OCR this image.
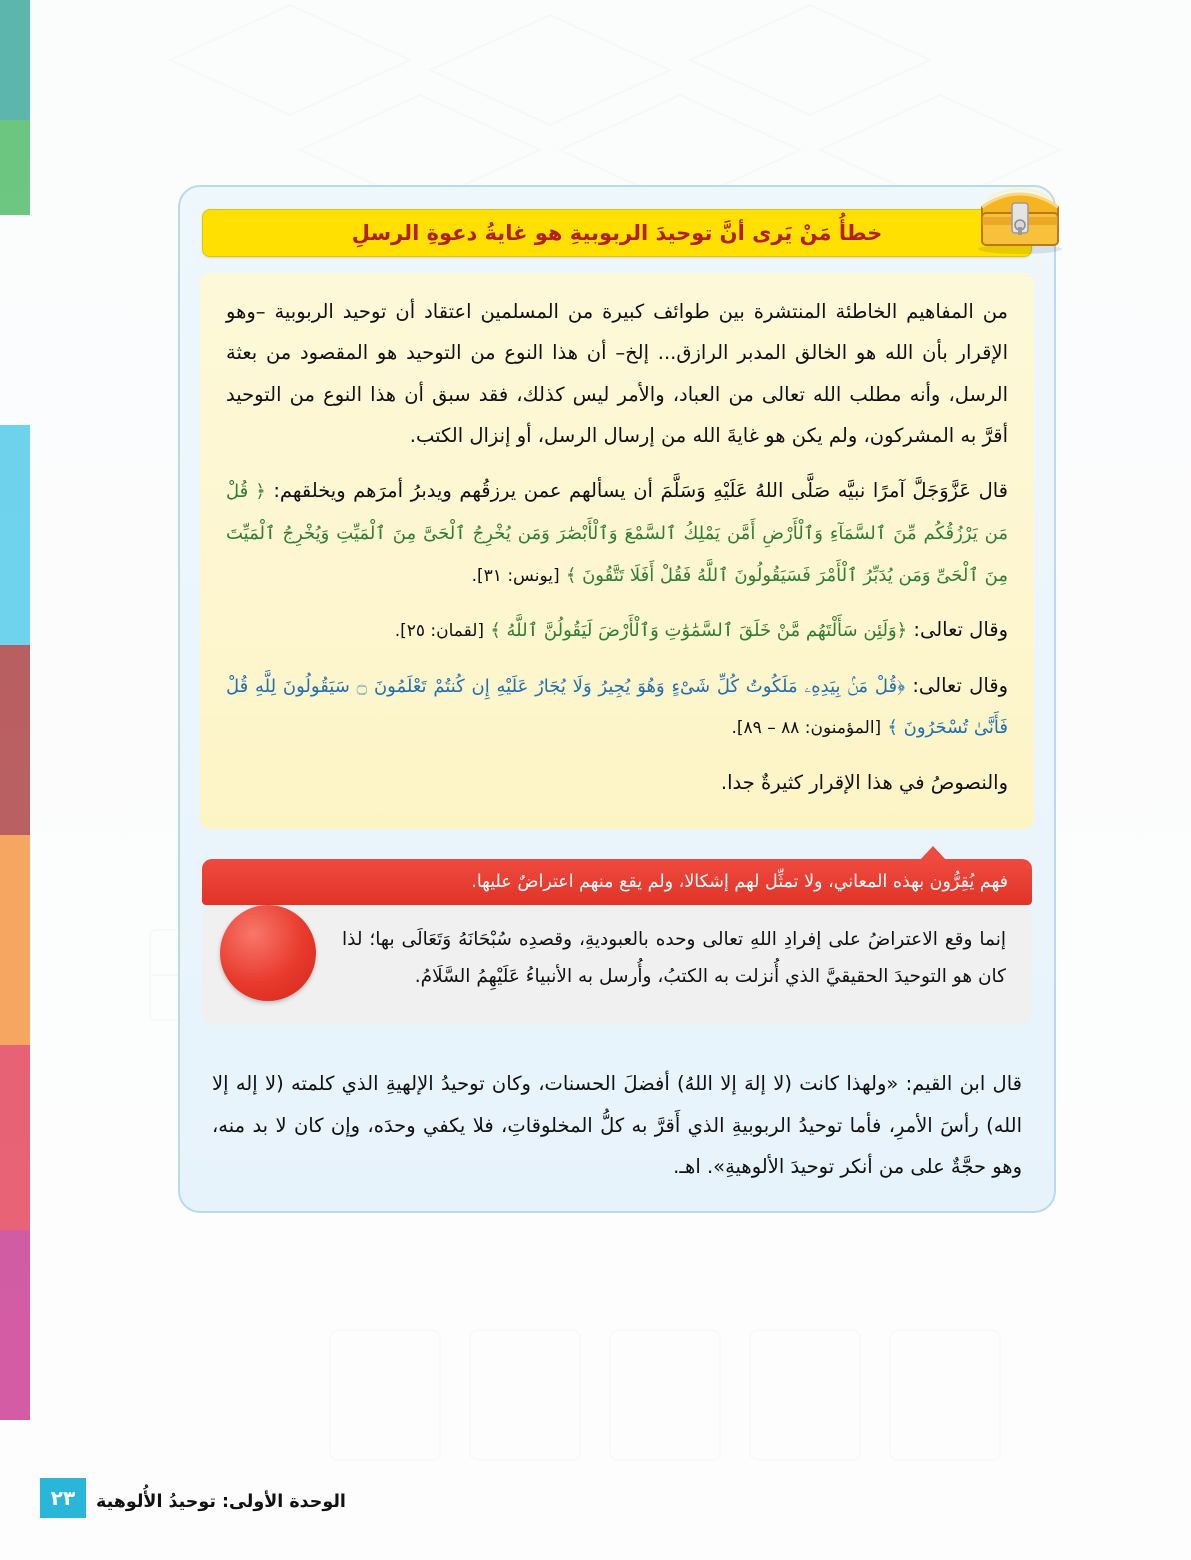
خطأُ مَنْ يَرى أنَّ توحيدَ الربوبيةِ هو غايةُ دعوةِ الرسلِ

من المفاهيم الخاطئة المنتشرة بين طوائف كبيرة من المسلمين اعتقاد أن توحيد الربوبية –وهو الإقرار بأن الله هو الخالق المدبر الرازق... إلخ– أن هذا النوع من التوحيد هو المقصود من بعثة الرسل، وأنه مطلب الله تعالى من العباد، والأمر ليس كذلك، فقد سبق أن هذا النوع من التوحيد أقرَّ به المشركون، ولم يكن هو غايةَ الله من إرسال الرسل، أو إنزال الكتب.

قال عَزَّوَجَلَّ آمرًا نبيَّه صَلَّى اللهُ عَلَيْهِ وَسَلَّمَ أن يسألهم عمن يرزقُهم ويدبرُ أمرَهم ويخلقهم: ﴿ قُلْ مَن يَرْزُقُكُم مِّنَ ٱلسَّمَآءِ وَٱلْأَرْضِ أَمَّن يَمْلِكُ ٱلسَّمْعَ وَٱلْأَبْصَٰرَ وَمَن يُخْرِجُ ٱلْحَىَّ مِنَ ٱلْمَيِّتِ وَيُخْرِجُ ٱلْمَيِّتَ مِنَ ٱلْحَىِّ وَمَن يُدَبِّرُ ٱلْأَمْرَ فَسَيَقُولُونَ ٱللَّهُ فَقُلْ أَفَلَا تَتَّقُونَ ﴾ [يونس: ٣١].

وقال تعالى: ﴿وَلَئِن سَأَلْتَهُم مَّنْ خَلَقَ ٱلسَّمَٰوَٰتِ وَٱلْأَرْضَ لَيَقُولُنَّ ٱللَّهُ ﴾ [لقمان: ٢٥].

وقال تعالى: ﴿قُلْ مَنۢ بِيَدِهِۦ مَلَكُوتُ كُلِّ شَىْءٍ وَهُوَ يُجِيرُ وَلَا يُجَارُ عَلَيْهِ إِن كُنتُمْ تَعْلَمُونَ ۝ سَيَقُولُونَ لِلَّهِ قُلْ فَأَنَّىٰ تُسْحَرُونَ ﴾ [المؤمنون: ٨٨ – ٨٩].

والنصوصُ في هذا الإقرار كثيرةٌ جدا.

فهم يُقِرُّون بهذه المعاني، ولا تمثِّل لهم إشكالا، ولم يقع منهم اعتراضٌ عليها.

إنما وقع الاعتراضُ على إفرادِ اللهِ تعالى وحده بالعبوديةِ، وقصدِه سُبْحَانَهُ وَتَعَالَى بها؛ لذا كان هو التوحيدَ الحقيقيَّ الذي أُنزلت به الكتبُ، وأُرسل به الأنبياءُ عَلَيْهِمُ السَّلَامُ.

قال ابن القيم: «ولهذا كانت (لا إلهَ إلا اللهُ) أفضلَ الحسنات، وكان توحيدُ الإلهيةِ الذي كلمته (لا إله إلا الله) رأسَ الأمرِ، فأما توحيدُ الربوبيةِ الذي أَقرَّ به كلُّ المخلوقاتِ، فلا يكفي وحدَه، وإن كان لا بد منه، وهو حجَّةٌ على من أنكر توحيدَ الألوهيةِ». اهـ.

٢٣	الوحدة الأولى: توحيدُ الأُلوهية
